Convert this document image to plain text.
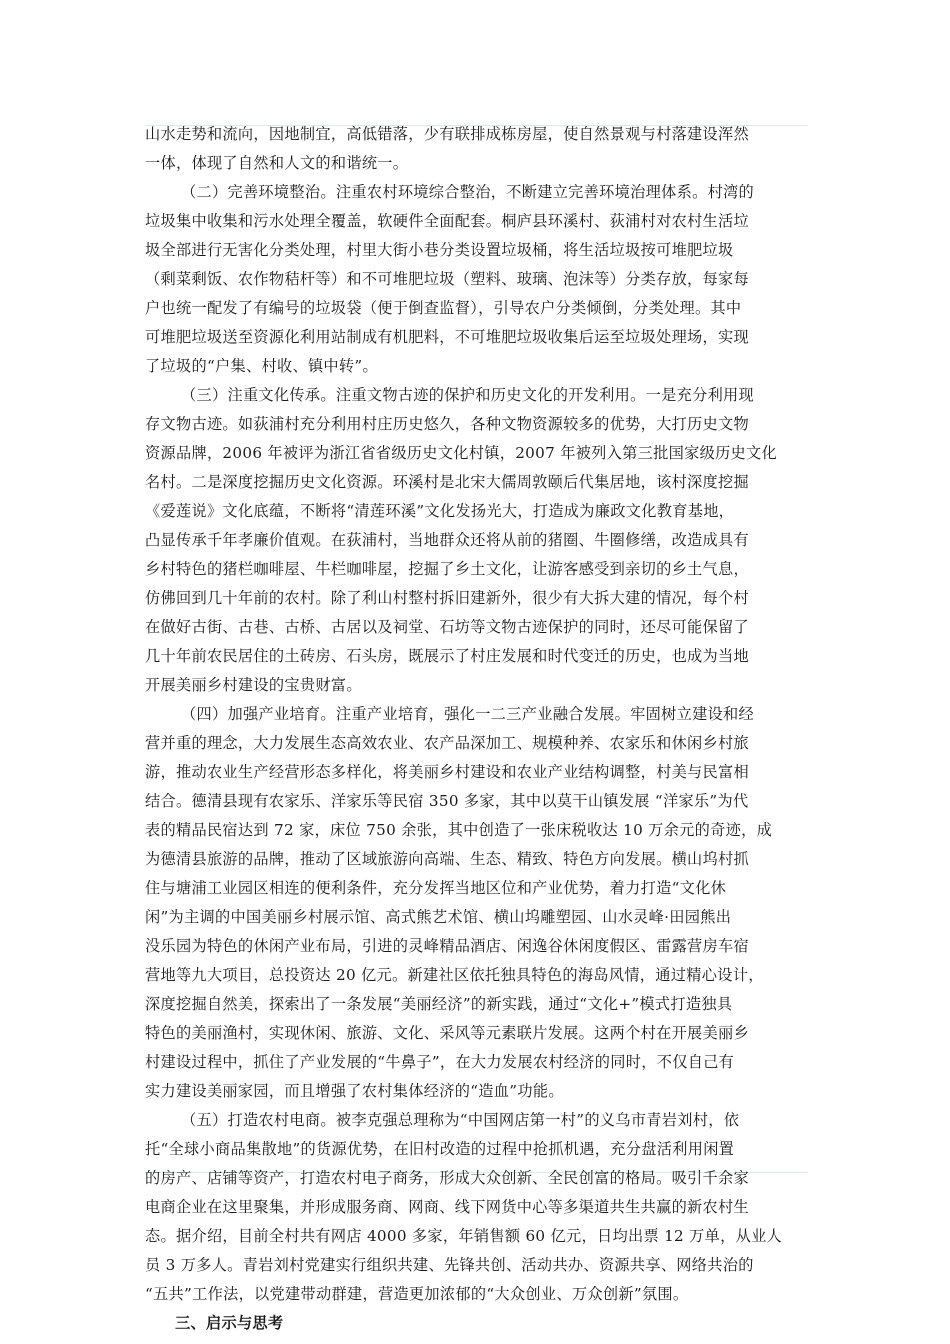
山水走势和流向，因地制宜，高低错落，少有联排成栋房屋，使自然景观与村落建设浑然
一体，体现了自然和人文的和谐统一。
（二）完善环境整治。注重农村环境综合整治，不断建立完善环境治理体系。村湾的
垃圾集中收集和污水处理全覆盖，软硬件全面配套。桐庐县环溪村、荻浦村对农村生活垃
圾全部进行无害化分类处理，村里大街小巷分类设置垃圾桶，将生活垃圾按可堆肥垃圾
（剩菜剩饭、农作物秸杆等）和不可堆肥垃圾（塑料、玻璃、泡沫等）分类存放，每家每
户也统一配发了有编号的垃圾袋（便于倒查监督），引导农户分类倾倒，分类处理。其中
可堆肥垃圾送至资源化利用站制成有机肥料，不可堆肥垃圾收集后运至垃圾处理场，实现
了垃圾的“户集、村收、镇中转”。
（三）注重文化传承。注重文物古迹的保护和历史文化的开发利用。一是充分利用现
存文物古迹。如荻浦村充分利用村庄历史悠久，各种文物资源较多的优势，大打历史文物
资源品牌，2006 年被评为浙江省省级历史文化村镇，2007 年被列入第三批国家级历史文化
名村。二是深度挖掘历史文化资源。环溪村是北宋大儒周敦颐后代集居地，该村深度挖掘
《爱莲说》文化底蕴，不断将“清莲环溪”文化发扬光大，打造成为廉政文化教育基地，
凸显传承千年孝廉价值观。在荻浦村，当地群众还将从前的猪圈、牛圈修缮，改造成具有
乡村特色的猪栏咖啡屋、牛栏咖啡屋，挖掘了乡土文化，让游客感受到亲切的乡土气息，
仿佛回到几十年前的农村。除了利山村整村拆旧建新外，很少有大拆大建的情况，每个村
在做好古街、古巷、古桥、古居以及祠堂、石坊等文物古迹保护的同时，还尽可能保留了
几十年前农民居住的土砖房、石头房，既展示了村庄发展和时代变迁的历史，也成为当地
开展美丽乡村建设的宝贵财富。
（四）加强产业培育。注重产业培育，强化一二三产业融合发展。牢固树立建设和经
营并重的理念，大力发展生态高效农业、农产品深加工、规模种养、农家乐和休闲乡村旅
游，推动农业生产经营形态多样化，将美丽乡村建设和农业产业结构调整，村美与民富相
结合。德清县现有农家乐、洋家乐等民宿 350 多家，其中以莫干山镇发展 “洋家乐”为代
表的精品民宿达到 72 家，床位 750 余张，其中创造了一张床税收达 10 万余元的奇迹，成
为德清县旅游的品牌，推动了区域旅游向高端、生态、精致、特色方向发展。横山坞村抓
住与塘浦工业园区相连的便利条件，充分发挥当地区位和产业优势，着力打造“文化休
闲”为主调的中国美丽乡村展示馆、高式熊艺术馆、横山坞雕塑园、山水灵峰·田园熊出
没乐园为特色的休闲产业布局，引进的灵峰精品酒店、闲逸谷休闲度假区、雷露营房车宿
营地等九大项目，总投资达 20 亿元。新建社区依托独具特色的海岛风情，通过精心设计，
深度挖掘自然美，探索出了一条发展“美丽经济”的新实践，通过“文化+”模式打造独具
特色的美丽渔村，实现休闲、旅游、文化、采风等元素联片发展。这两个村在开展美丽乡
村建设过程中，抓住了产业发展的“牛鼻子”，在大力发展农村经济的同时，不仅自己有
实力建设美丽家园，而且增强了农村集体经济的“造血”功能。
（五）打造农村电商。被李克强总理称为“中国网店第一村”的义乌市青岩刘村，依
托“全球小商品集散地”的货源优势，在旧村改造的过程中抢抓机遇，充分盘活利用闲置
的房产、店铺等资产，打造农村电子商务，形成大众创新、全民创富的格局。吸引千余家
电商企业在这里聚集，并形成服务商、网商、线下网货中心等多渠道共生共赢的新农村生
态。据介绍，目前全村共有网店 4000 多家，年销售额 60 亿元，日均出票 12 万单，从业人
员 3 万多人。青岩刘村党建实行组织共建、先锋共创、活动共办、资源共享、网络共治的
“五共”工作法，以党建带动群建，营造更加浓郁的“大众创业、万众创新”氛围。
三、启示与思考
